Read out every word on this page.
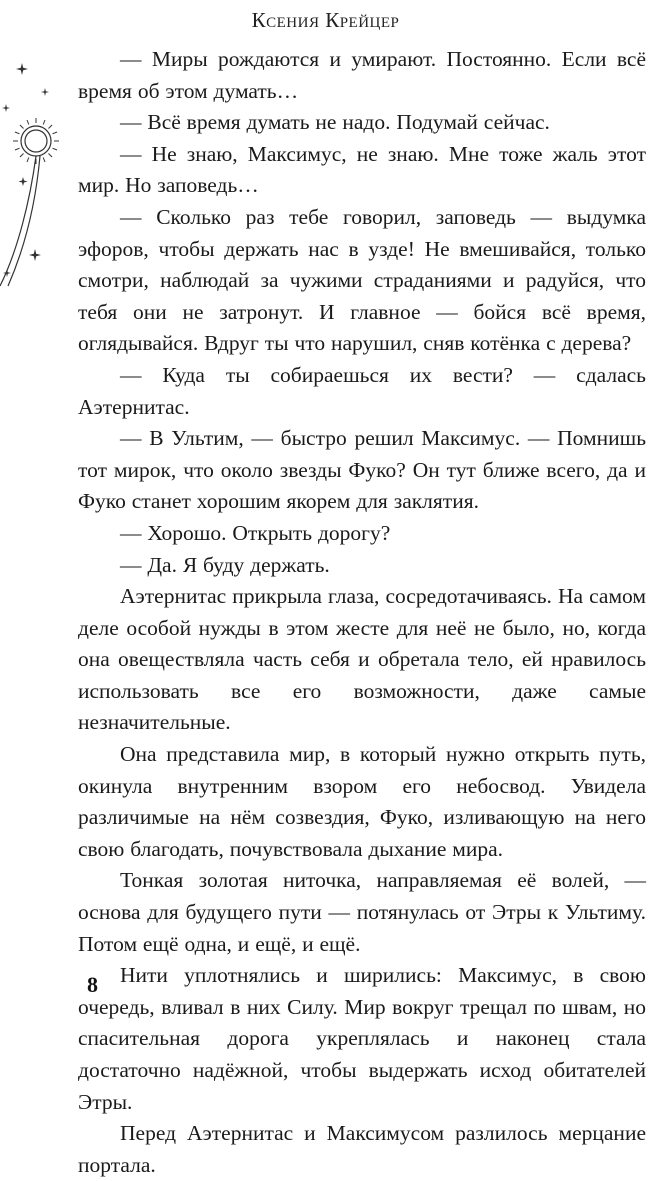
Ксения Крейцер

— Миры рождаются и умирают. Постоянно. Если всё время об этом думать…

— Всё время думать не надо. Подумай сейчас.

— Не знаю, Максимус, не знаю. Мне тоже жаль этот мир. Но заповедь…

— Сколько раз тебе говорил, заповедь — выдумка эфоров, чтобы держать нас в узде! Не вмешивайся, только смотри, наблюдай за чужими страданиями и радуйся, что тебя они не затронут. И главное — бойся всё время, оглядывайся. Вдруг ты что нарушил, сняв котёнка с дерева?

— Куда ты собираешься их вести? — сдалась Аэтернитас.

— В Ультим, — быстро решил Максимус. — Помнишь тот мирок, что около звезды Фуко? Он тут ближе всего, да и Фуко станет хорошим якорем для заклятия.

— Хорошо. Открыть дорогу?

— Да. Я буду держать.

Аэтернитас прикрыла глаза, сосредотачиваясь. На самом деле особой нужды в этом жесте для неё не было, но, когда она овеществляла часть себя и обретала тело, ей нравилось использовать все его возможности, даже самые незначительные.

Она представила мир, в который нужно открыть путь, окинула внутренним взором его небосвод. Увидела различимые на нём созвездия, Фуко, изливающую на него свою благодать, почувствовала дыхание мира.

Тонкая золотая ниточка, направляемая её волей, — основа для будущего пути — потянулась от Этры к Ультиму. Потом ещё одна, и ещё, и ещё.

Нити уплотнялись и ширились: Максимус, в свою очередь, вливал в них Силу. Мир вокруг трещал по швам, но спасительная дорога укреплялась и наконец стала достаточно надёжной, чтобы выдержать исход обитателей Этры.

Перед Аэтернитас и Максимусом разлилось мерцание портала.

8
